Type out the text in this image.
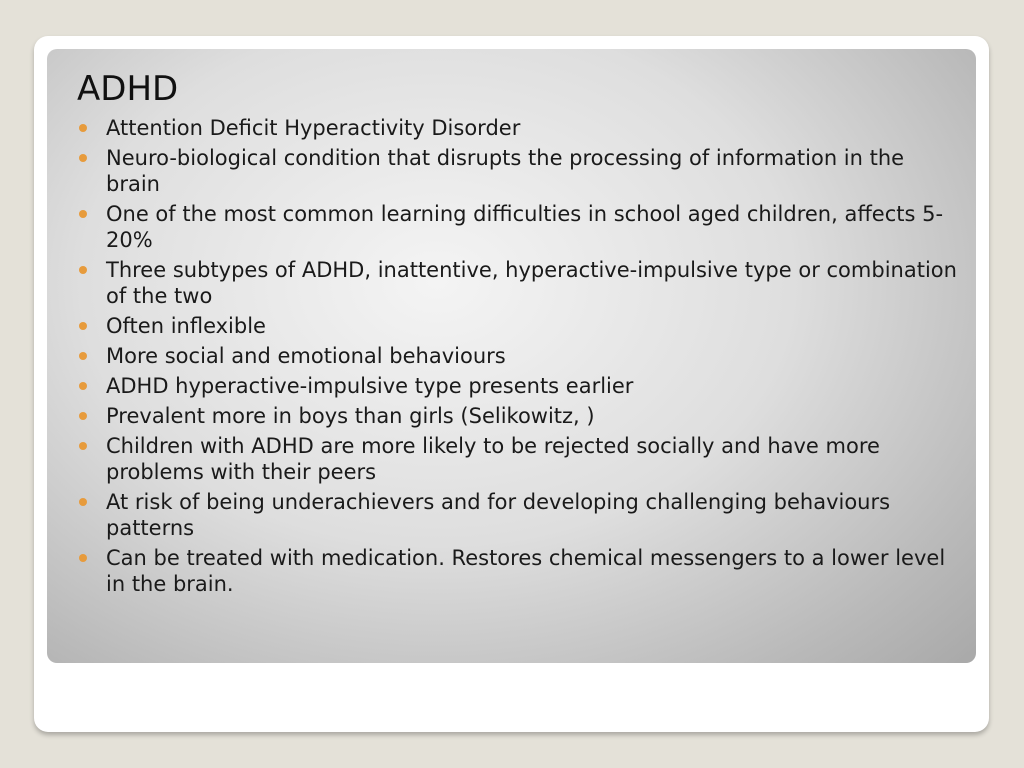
ADHD
Attention Deficit Hyperactivity Disorder
Neuro-biological condition that disrupts the processing of information in the brain
One of the most common learning difficulties in school aged children, affects 5-20%
Three subtypes of ADHD, inattentive, hyperactive-impulsive type or combination of the two
Often inflexible
More social and emotional behaviours
ADHD hyperactive-impulsive type presents earlier
Prevalent more in boys than girls (Selikowitz, )
Children with ADHD are more likely to be rejected socially and have more problems with their peers
At risk of being underachievers and for developing challenging behaviours patterns
Can be treated with medication. Restores chemical messengers to a lower level in the brain.
